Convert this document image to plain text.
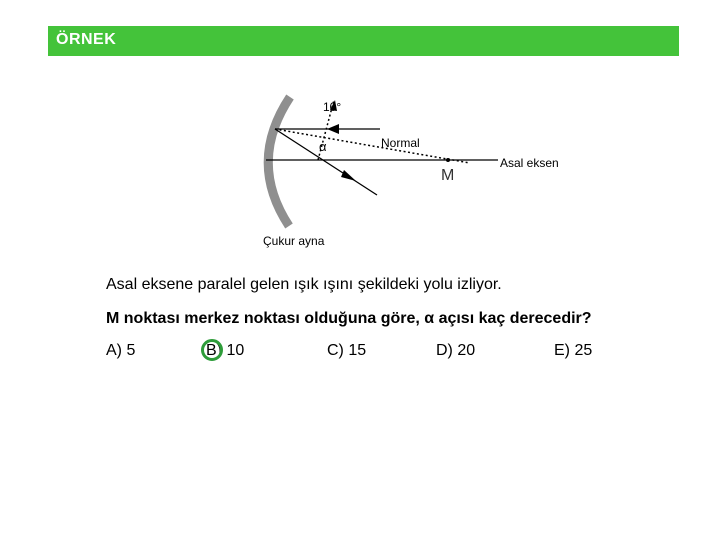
ÖRNEK
10°
α	Normal
Asal eksen
M
Çukur ayna
Asal eksene paralel gelen ışık ışını şekildeki yolu izliyor.
M noktası merkez noktası olduğuna göre, α açısı kaç derecedir?
A) 5	B) 10	C) 15	D) 20	E) 25
